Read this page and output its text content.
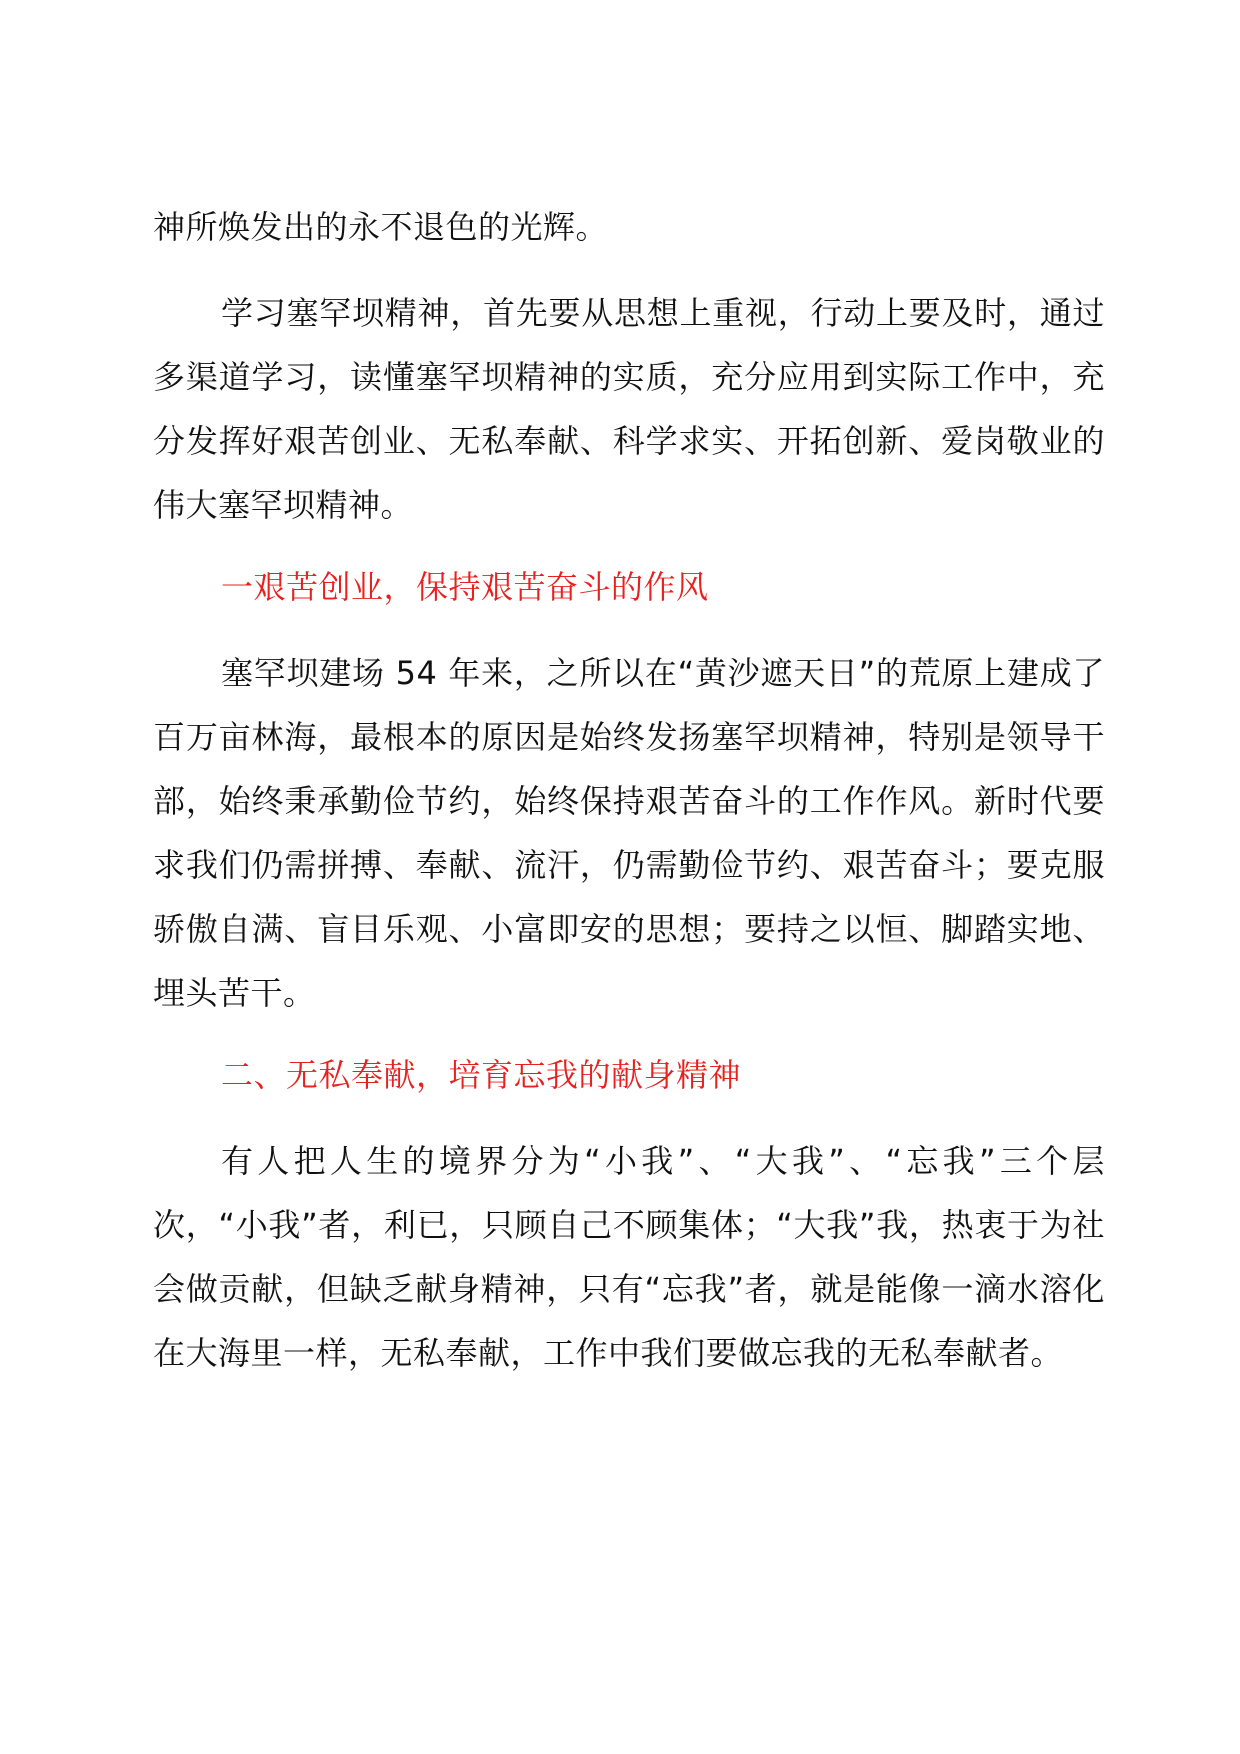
神所焕发出的永不退色的光辉。

学习塞罕坝精神，首先要从思想上重视，行动上要及时，通过多渠道学习，读懂塞罕坝精神的实质，充分应用到实际工作中，充分发挥好艰苦创业、无私奉献、科学求实、开拓创新、爱岗敬业的伟大塞罕坝精神。

一艰苦创业，保持艰苦奋斗的作风

塞罕坝建场 54 年来，之所以在“黄沙遮天日”的荒原上建成了百万亩林海，最根本的原因是始终发扬塞罕坝精神，特别是领导干部，始终秉承勤俭节约，始终保持艰苦奋斗的工作作风。新时代要求我们仍需拼搏、奉献、流汗，仍需勤俭节约、艰苦奋斗；要克服骄傲自满、盲目乐观、小富即安的思想；要持之以恒、脚踏实地、埋头苦干。

二、无私奉献，培育忘我的献身精神

有人把人生的境界分为“小我”、“大我”、“忘我”三个层次，“小我”者，利已，只顾自己不顾集体；“大我”我，热衷于为社会做贡献，但缺乏献身精神，只有“忘我”者，就是能像一滴水溶化在大海里一样，无私奉献，工作中我们要做忘我的无私奉献者。
